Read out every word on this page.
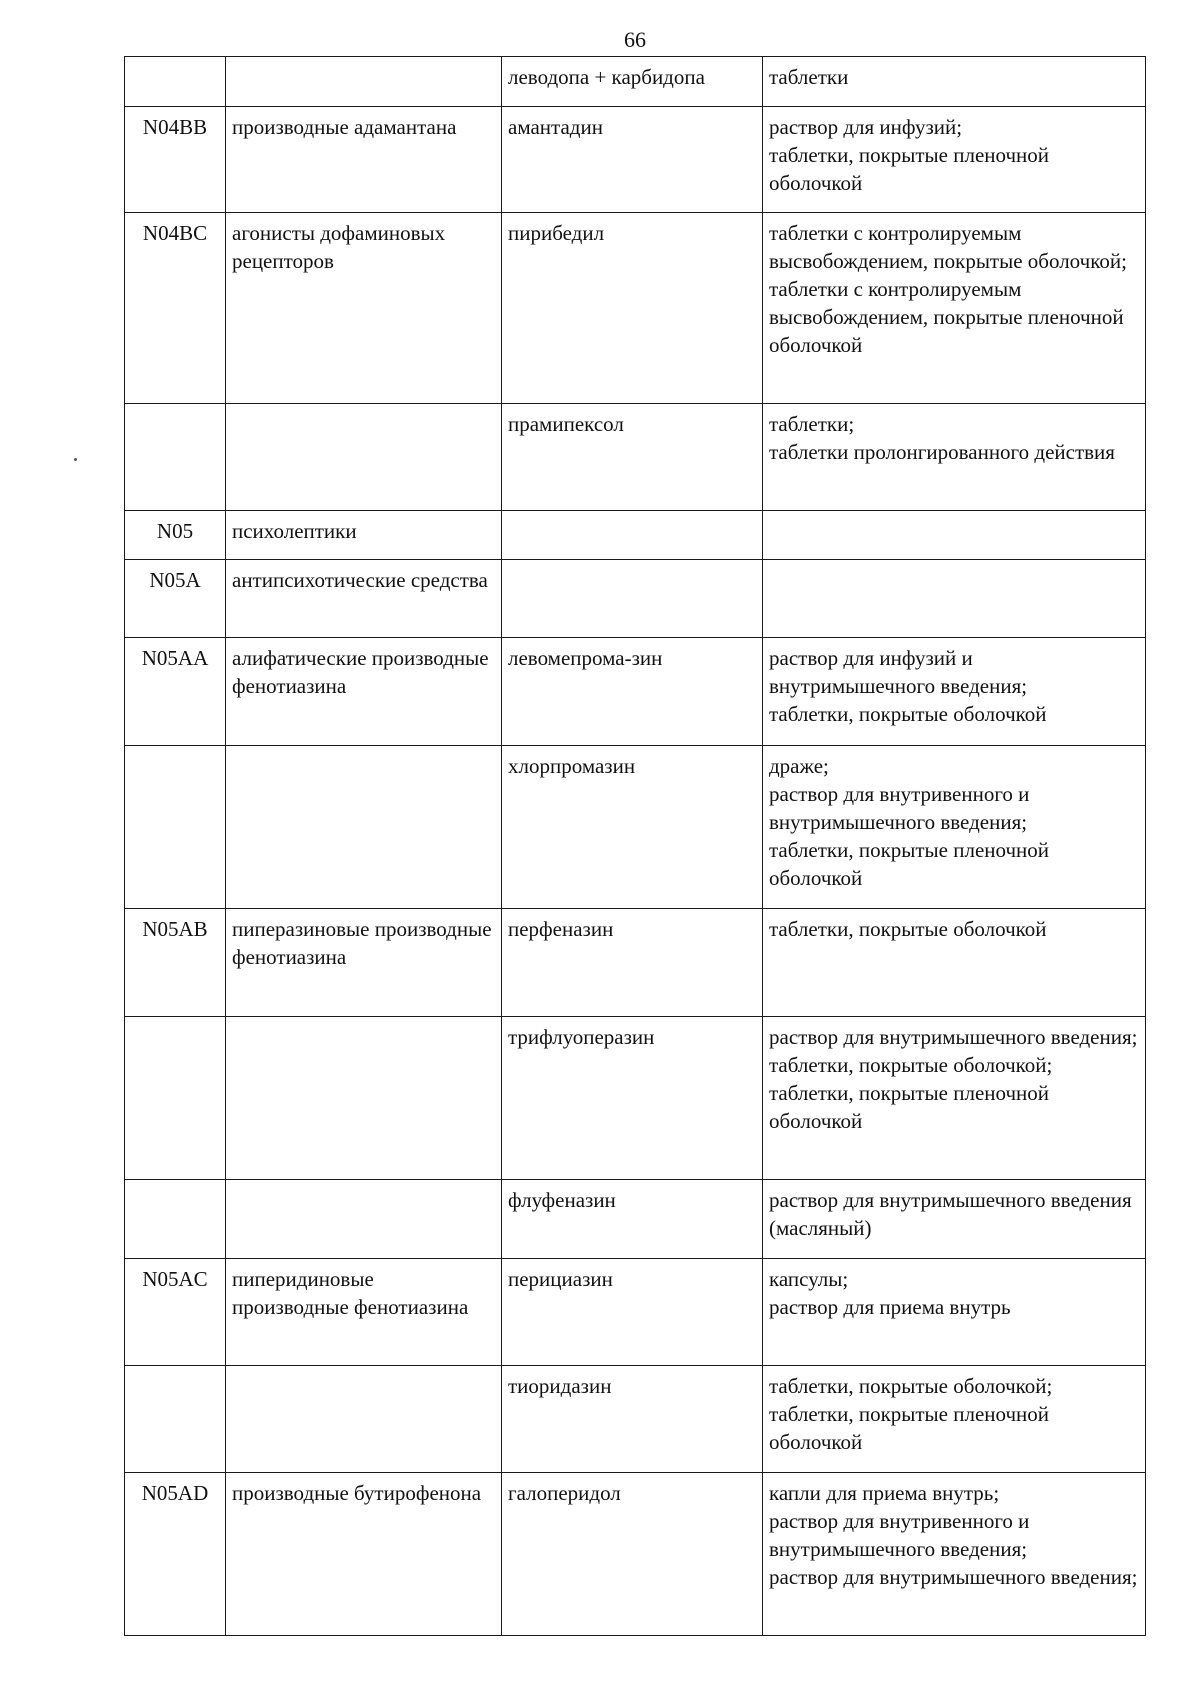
66
		леводопа + карбидопа	таблетки
N04BB	производные адамантана	амантадин	раствор для инфузий;
таблетки, покрытые пленочной оболочкой
N04BC	агонисты дофаминовых рецепторов	пирибедил	таблетки с контролируемым высвобождением, покрытые оболочкой;
таблетки с контролируемым высвобождением, покрытые пленочной оболочкой
		прамипексол	таблетки;
таблетки пролонгированного действия
N05	психолептики		
N05A	антипсихотические средства		
N05AA	алифатические производные фенотиазина	левомепрома-зин	раствор для инфузий и внутримышечного введения;
таблетки, покрытые оболочкой
		хлорпромазин	драже;
раствор для внутривенного и внутримышечного введения;
таблетки, покрытые пленочной оболочкой
N05AB	пиперазиновые производные фенотиазина	перфеназин	таблетки, покрытые оболочкой
		трифлуоперазин	раствор для внутримышечного введения;
таблетки, покрытые оболочкой;
таблетки, покрытые пленочной оболочкой
		флуфеназин	раствор для внутримышечного введения (масляный)
N05AC	пиперидиновые производные фенотиазина	перициазин	капсулы;
раствор для приема внутрь
		тиоридазин	таблетки, покрытые оболочкой;
таблетки, покрытые пленочной оболочкой
N05AD	производные бутирофенона	галоперидол	капли для приема внутрь;
раствор для внутривенного и внутримышечного введения;
раствор для внутримышечного введения;
